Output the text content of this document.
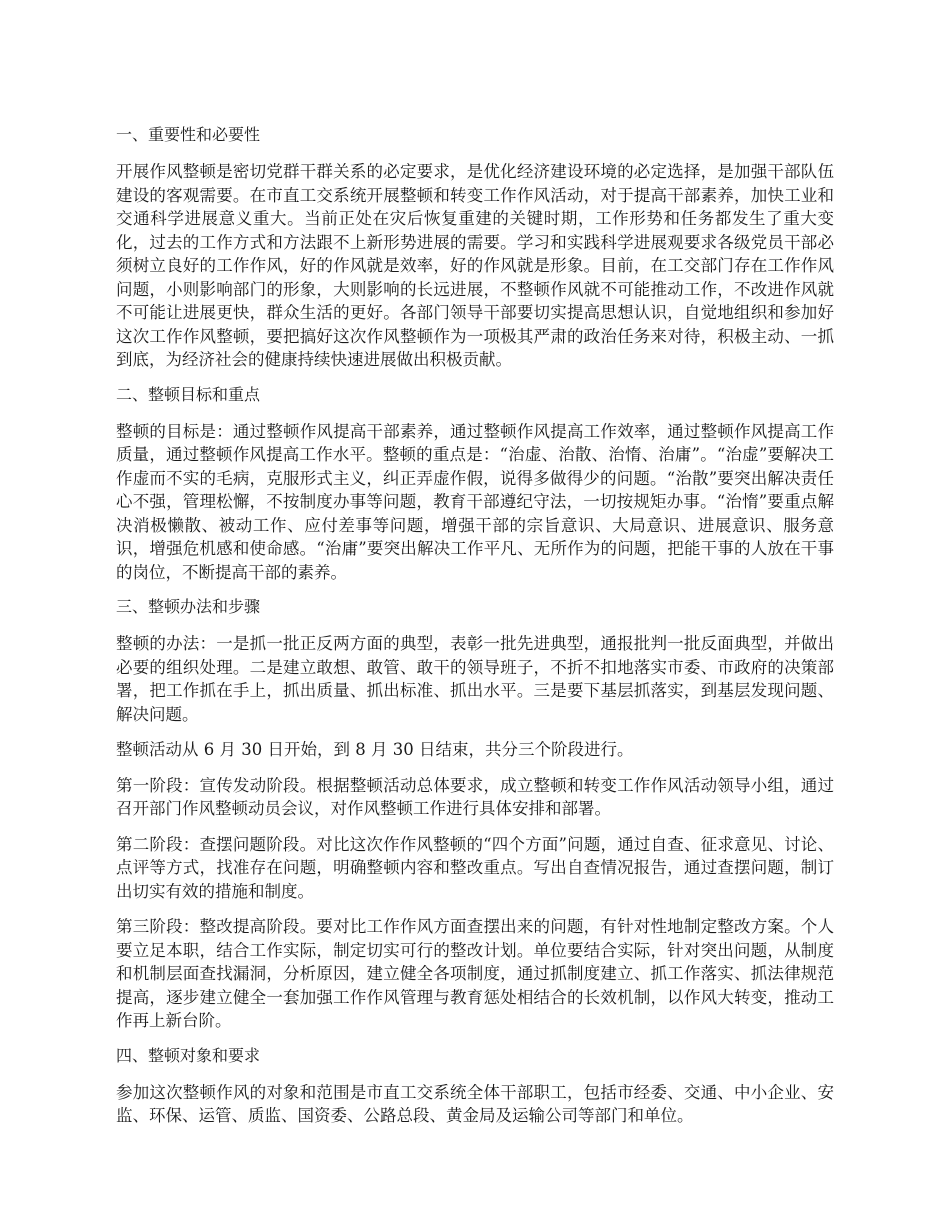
一、重要性和必要性
开展作风整顿是密切党群干群关系的必定要求，是优化经济建设环境的必定选择，是加强干部队伍建设的客观需要。在市直工交系统开展整顿和转变工作作风活动，对于提高干部素养，加快工业和交通科学进展意义重大。当前正处在灾后恢复重建的关键时期，工作形势和任务都发生了重大变化，过去的工作方式和方法跟不上新形势进展的需要。学习和实践科学进展观要求各级党员干部必须树立良好的工作作风，好的作风就是效率，好的作风就是形象。目前，在工交部门存在工作作风问题，小则影响部门的形象，大则影响的长远进展，不整顿作风就不可能推动工作，不改进作风就不可能让进展更快，群众生活的更好。各部门领导干部要切实提高思想认识，自觉地组织和参加好这次工作作风整顿，要把搞好这次作风整顿作为一项极其严肃的政治任务来对待，积极主动、一抓到底，为经济社会的健康持续快速进展做出积极贡献。
二、整顿目标和重点
整顿的目标是：通过整顿作风提高干部素养，通过整顿作风提高工作效率，通过整顿作风提高工作质量，通过整顿作风提高工作水平。整顿的重点是：“治虚、治散、治惰、治庸”。“治虚”要解决工作虚而不实的毛病，克服形式主义，纠正弄虚作假，说得多做得少的问题。“治散”要突出解决责任心不强，管理松懈，不按制度办事等问题，教育干部遵纪守法，一切按规矩办事。“治惰”要重点解决消极懒散、被动工作、应付差事等问题，增强干部的宗旨意识、大局意识、进展意识、服务意识，增强危机感和使命感。“治庸”要突出解决工作平凡、无所作为的问题，把能干事的人放在干事的岗位，不断提高干部的素养。
三、整顿办法和步骤
整顿的办法：一是抓一批正反两方面的典型，表彰一批先进典型，通报批判一批反面典型，并做出必要的组织处理。二是建立敢想、敢管、敢干的领导班子，不折不扣地落实市委、市政府的决策部署，把工作抓在手上，抓出质量、抓出标准、抓出水平。三是要下基层抓落实，到基层发现问题、解决问题。
整顿活动从 6 月 30 日开始，到 8 月 30 日结束，共分三个阶段进行。
第一阶段：宣传发动阶段。根据整顿活动总体要求，成立整顿和转变工作作风活动领导小组，通过召开部门作风整顿动员会议，对作风整顿工作进行具体安排和部署。
第二阶段：查摆问题阶段。对比这次作作风整顿的“四个方面”问题，通过自查、征求意见、讨论、点评等方式，找准存在问题，明确整顿内容和整改重点。写出自查情况报告，通过查摆问题，制订出切实有效的措施和制度。
第三阶段：整改提高阶段。要对比工作作风方面查摆出来的问题，有针对性地制定整改方案。个人要立足本职，结合工作实际，制定切实可行的整改计划。单位要结合实际，针对突出问题，从制度和机制层面查找漏洞，分析原因，建立健全各项制度，通过抓制度建立、抓工作落实、抓法律规范提高，逐步建立健全一套加强工作作风管理与教育惩处相结合的长效机制，以作风大转变，推动工作再上新台阶。
四、整顿对象和要求
参加这次整顿作风的对象和范围是市直工交系统全体干部职工，包括市经委、交通、中小企业、安监、环保、运管、质监、国资委、公路总段、黄金局及运输公司等部门和单位。
